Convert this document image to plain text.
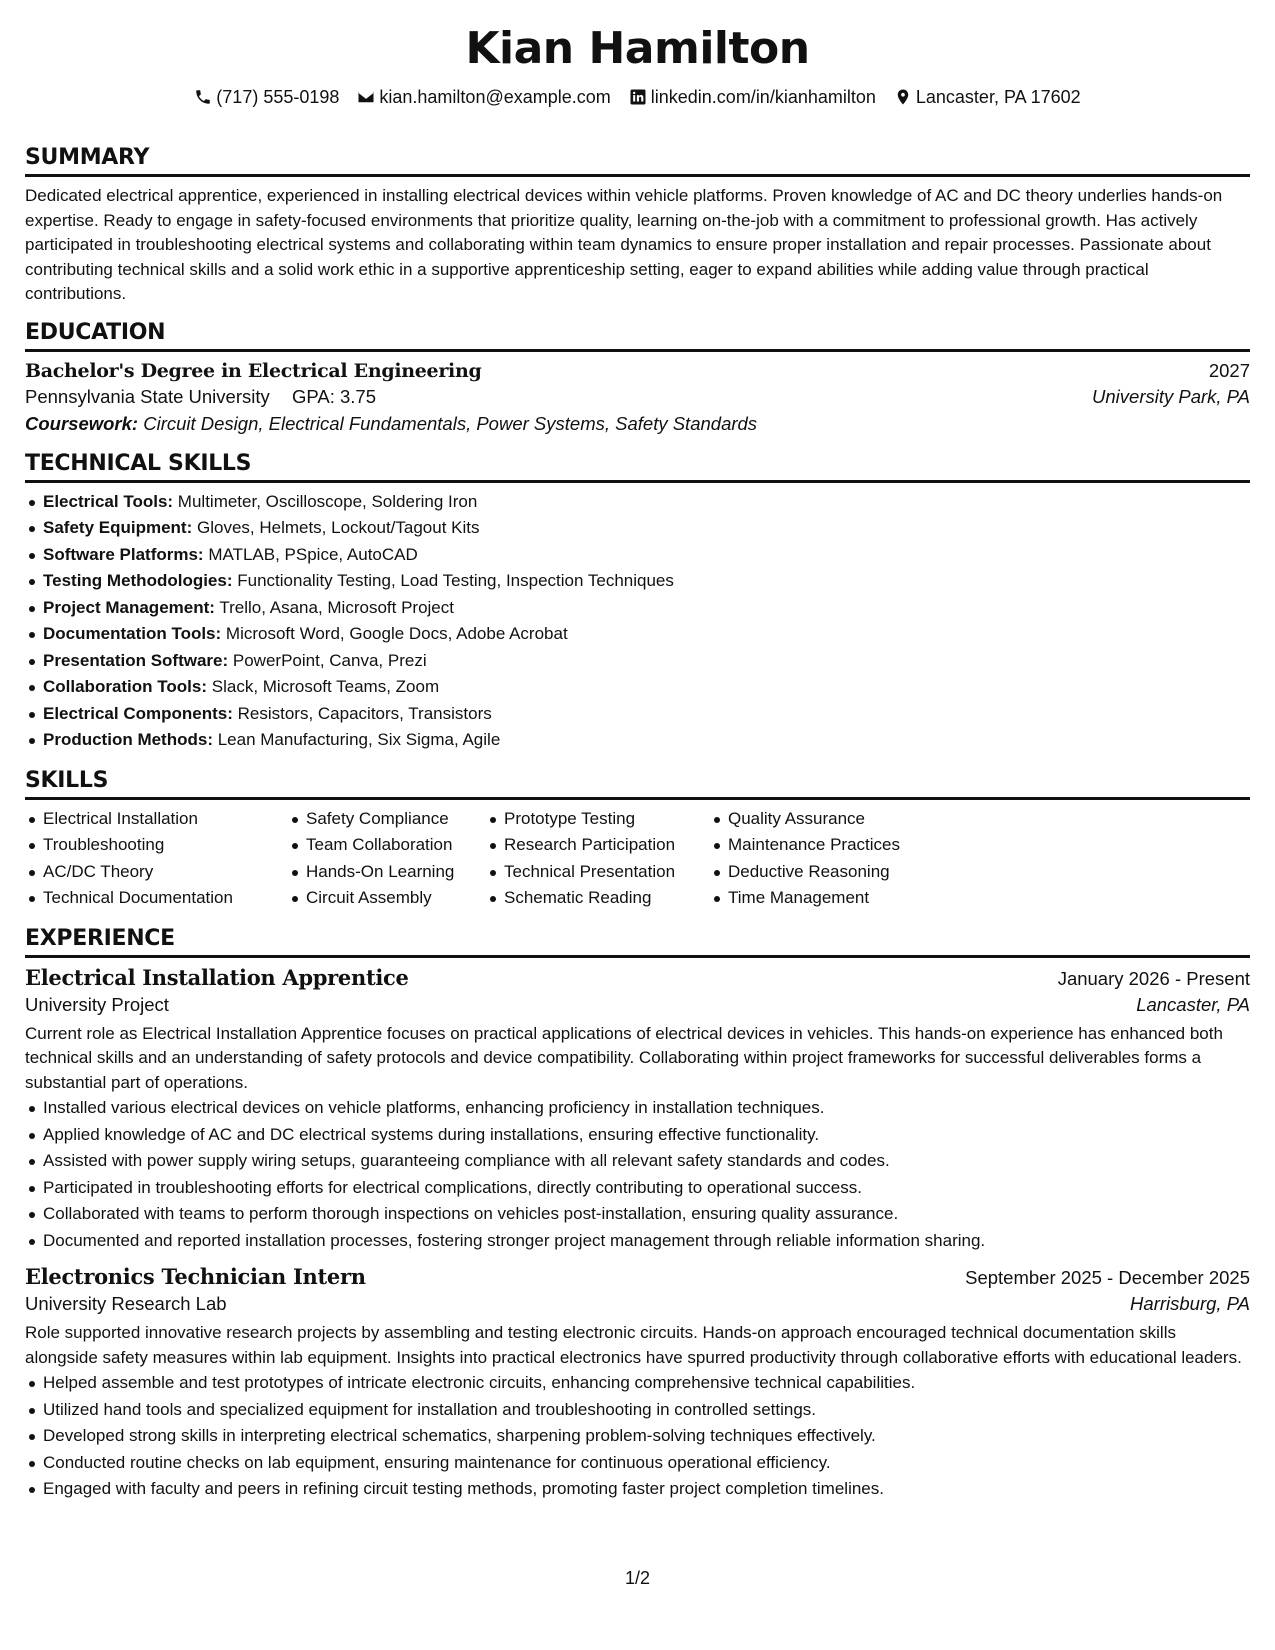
Kian Hamilton
(717) 555-0198 kian.hamilton@example.com linkedin.com/in/kianhamilton Lancaster, PA 17602
SUMMARY

Dedicated electrical apprentice, experienced in installing electrical devices within vehicle platforms. Proven knowledge of AC and DC theory underlies hands-on expertise. Ready to engage in safety-focused environments that prioritize quality, learning on-the-job with a commitment to professional growth. Has actively participated in troubleshooting electrical systems and collaborating within team dynamics to ensure proper installation and repair processes. Passionate about contributing technical skills and a solid work ethic in a supportive apprenticeship setting, eager to expand abilities while adding value through practical contributions.

EDUCATION
Bachelor's Degree in Electrical Engineering	2027
Pennsylvania State University GPA: 3.75	University Park, PA
Coursework: Circuit Design, Electrical Fundamentals, Power Systems, Safety Standards
TECHNICAL SKILLS
Electrical Tools: Multimeter, Oscilloscope, Soldering Iron
Safety Equipment: Gloves, Helmets, Lockout/Tagout Kits
Software Platforms: MATLAB, PSpice, AutoCAD
Testing Methodologies: Functionality Testing, Load Testing, Inspection Techniques
Project Management: Trello, Asana, Microsoft Project
Documentation Tools: Microsoft Word, Google Docs, Adobe Acrobat
Presentation Software: PowerPoint, Canva, Prezi
Collaboration Tools: Slack, Microsoft Teams, Zoom
Electrical Components: Resistors, Capacitors, Transistors
Production Methods: Lean Manufacturing, Six Sigma, Agile
SKILLS
Electrical Installation
Troubleshooting
AC/DC Theory
Technical Documentation
Safety Compliance
Team Collaboration
Hands-On Learning
Circuit Assembly
Prototype Testing
Research Participation
Technical Presentation
Schematic Reading
Quality Assurance
Maintenance Practices
Deductive Reasoning
Time Management
EXPERIENCE
Electrical Installation Apprentice	January 2026 - Present
University Project	Lancaster, PA

Current role as Electrical Installation Apprentice focuses on practical applications of electrical devices in vehicles. This hands-on experience has enhanced both technical skills and an understanding of safety protocols and device compatibility. Collaborating within project frameworks for successful deliverables forms a substantial part of operations.

Installed various electrical devices on vehicle platforms, enhancing proficiency in installation techniques.
Applied knowledge of AC and DC electrical systems during installations, ensuring effective functionality.
Assisted with power supply wiring setups, guaranteeing compliance with all relevant safety standards and codes.
Participated in troubleshooting efforts for electrical complications, directly contributing to operational success.
Collaborated with teams to perform thorough inspections on vehicles post-installation, ensuring quality assurance.
Documented and reported installation processes, fostering stronger project management through reliable information sharing.
Electronics Technician Intern	September 2025 - December 2025
University Research Lab	Harrisburg, PA

Role supported innovative research projects by assembling and testing electronic circuits. Hands-on approach encouraged technical documentation skills alongside safety measures within lab equipment. Insights into practical electronics have spurred productivity through collaborative efforts with educational leaders.

Helped assemble and test prototypes of intricate electronic circuits, enhancing comprehensive technical capabilities.
Utilized hand tools and specialized equipment for installation and troubleshooting in controlled settings.
Developed strong skills in interpreting electrical schematics, sharpening problem-solving techniques effectively.
Conducted routine checks on lab equipment, ensuring maintenance for continuous operational efficiency.
Engaged with faculty and peers in refining circuit testing methods, promoting faster project completion timelines.
1/2
